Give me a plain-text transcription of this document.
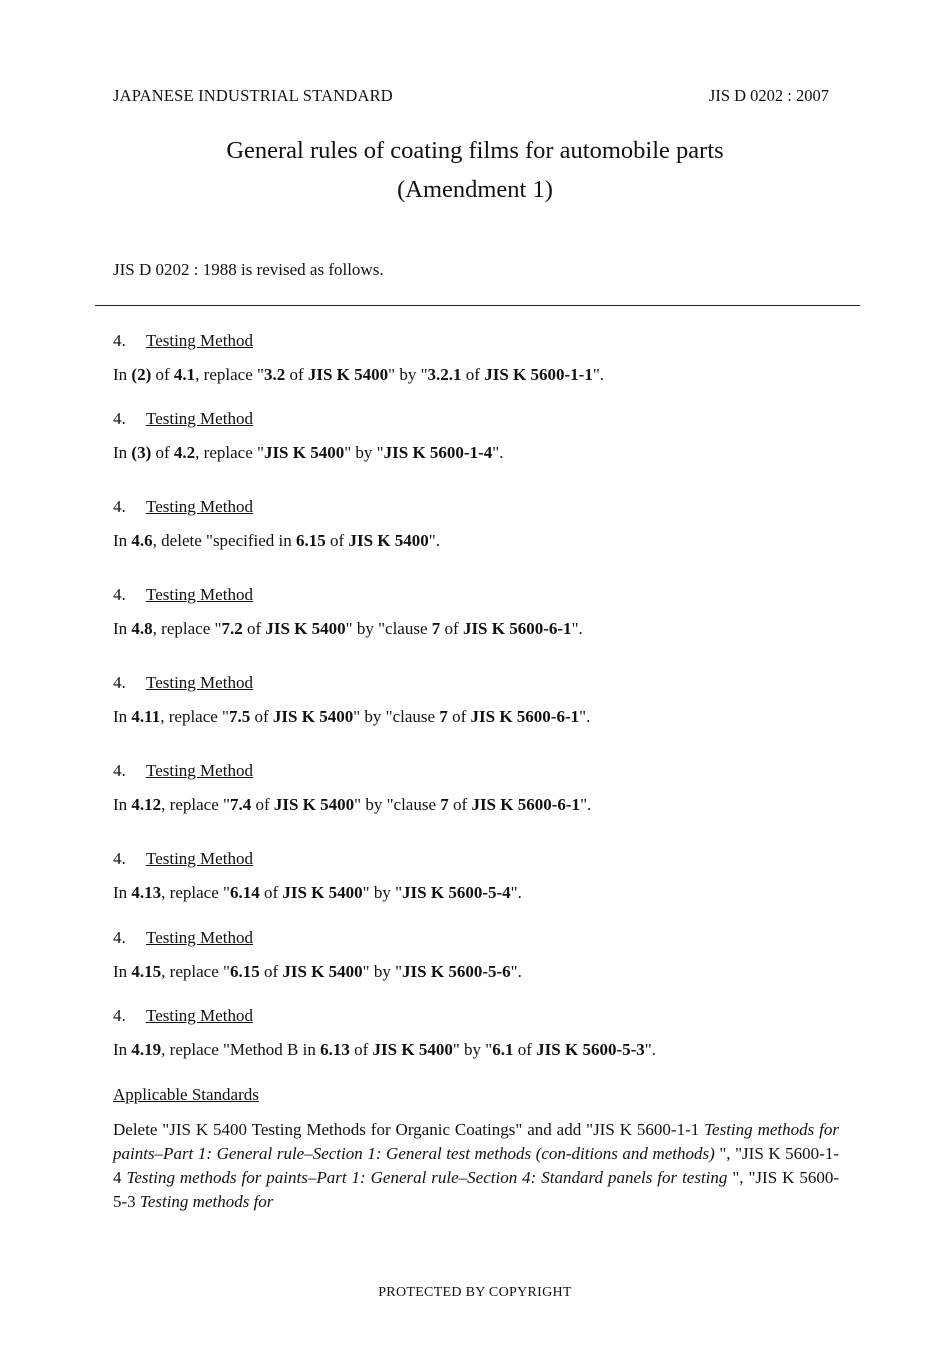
JAPANESE INDUSTRIAL STANDARD	JIS D 0202 : 2007
General rules of coating films for automobile parts
(Amendment 1)
JIS D 0202 : 1988 is revised as follows.
4. Testing Method
In (2) of 4.1, replace "3.2 of JIS K 5400" by "3.2.1 of JIS K 5600-1-1".
4. Testing Method
In (3) of 4.2, replace "JIS K 5400" by "JIS K 5600-1-4".
4. Testing Method
In 4.6, delete "specified in 6.15 of JIS K 5400".
4. Testing Method
In 4.8, replace "7.2 of JIS K 5400" by "clause 7 of JIS K 5600-6-1".
4. Testing Method
In 4.11, replace "7.5 of JIS K 5400" by "clause 7 of JIS K 5600-6-1".
4. Testing Method
In 4.12, replace "7.4 of JIS K 5400" by "clause 7 of JIS K 5600-6-1".
4. Testing Method
In 4.13, replace "6.14 of JIS K 5400" by "JIS K 5600-5-4".
4. Testing Method
In 4.15, replace "6.15 of JIS K 5400" by "JIS K 5600-5-6".
4. Testing Method
In 4.19, replace "Method B in 6.13 of JIS K 5400" by "6.1 of JIS K 5600-5-3".
Applicable Standards
Delete "JIS K 5400 Testing Methods for Organic Coatings" and add "JIS K 5600-1-1 Testing methods for paints–Part 1: General rule–Section 1: General test methods (con-ditions and methods) ", "JIS K 5600-1-4 Testing methods for paints–Part 1: General rule–Section 4: Standard panels for testing ", "JIS K 5600-5-3 Testing methods for
PROTECTED BY COPYRIGHT
